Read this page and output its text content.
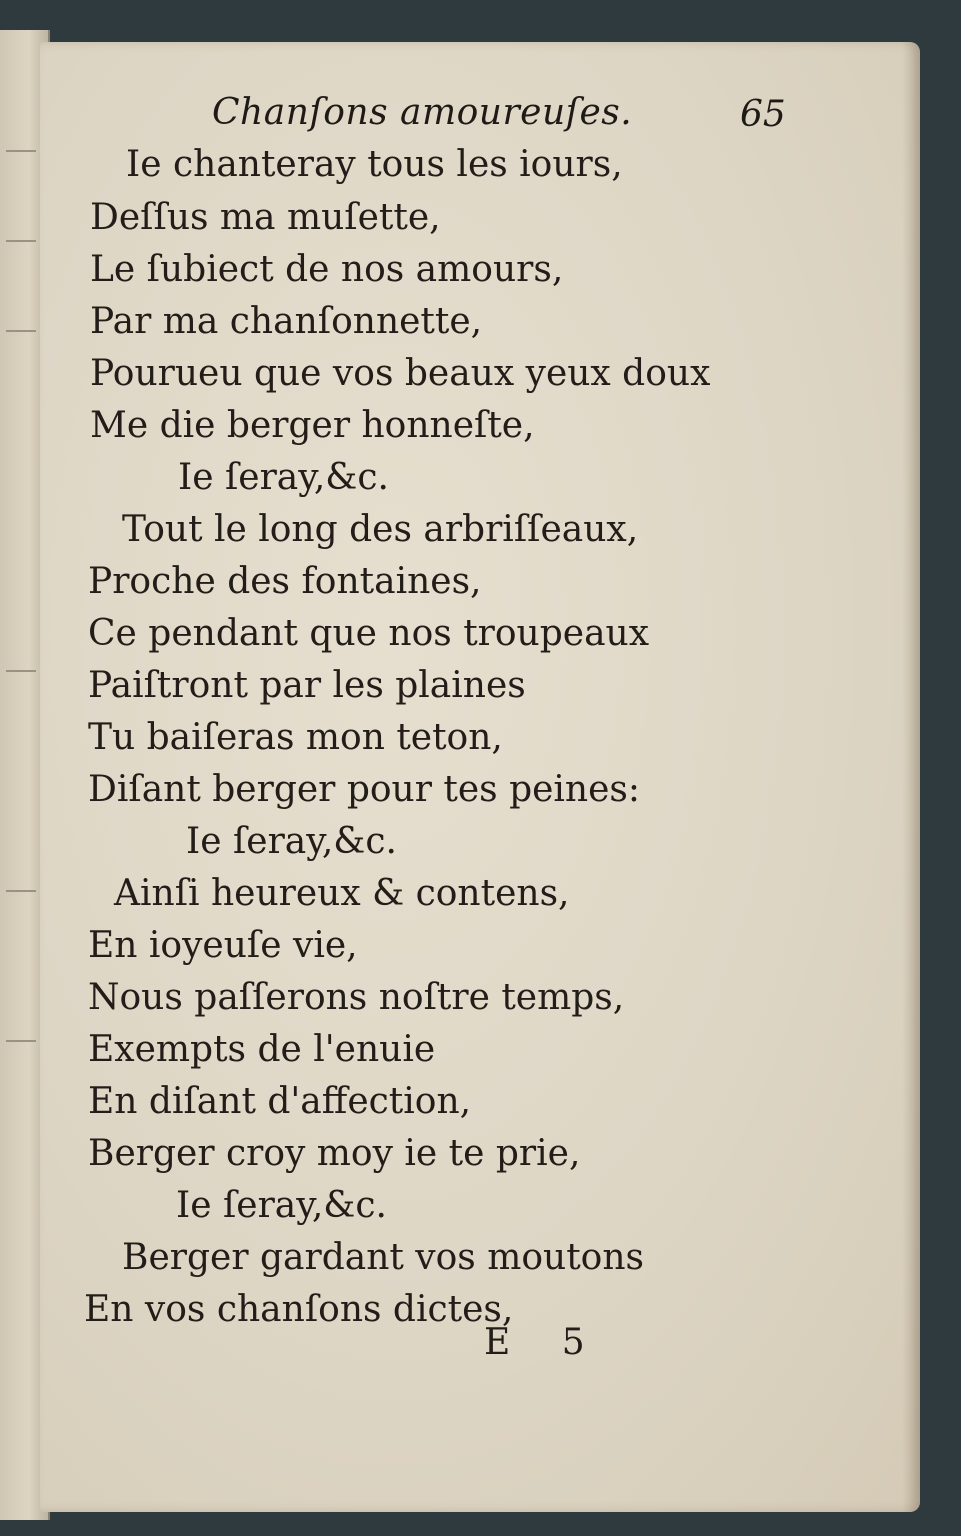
Chanſons amoureuſes.	65
Ie chanteray tous les iours,
Deſſus ma muſette,
Le ſubiect de nos amours,
Par ma chanſonnette,
Pourueu que vos beaux yeux doux
Me die berger honneſte,
Ie ſeray,&c.
Tout le long des arbriſſeaux,
Proche des fontaines,
Ce pendant que nos troupeaux
Paiſtront par les plaines
Tu baiſeras mon teton,
Diſant berger pour tes peines:
Ie ſeray,&c.
Ainſi heureux & contens,
En ioyeuſe vie,
Nous paſſerons noſtre temps,
Exempts de l'enuie
En diſant d'affection,
Berger croy moy ie te prie,
Ie ſeray,&c.
Berger gardant vos moutons
En vos chanſons dictes,
E 5
